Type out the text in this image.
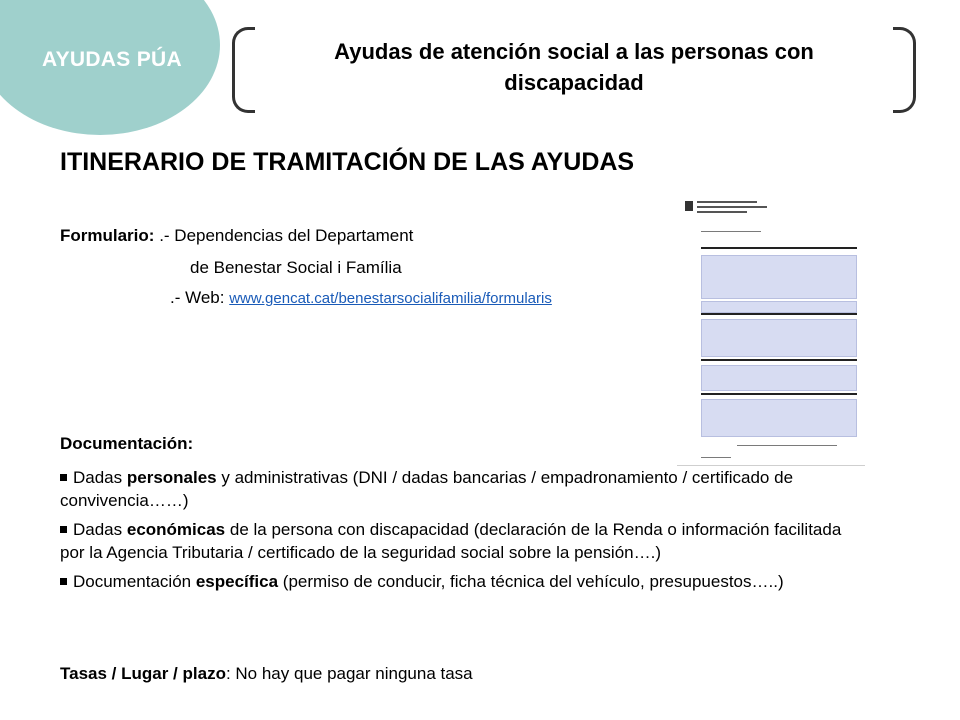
AYUDAS PÚA	Ayudas de atención social a las personas con discapacidad
ITINERARIO DE TRAMITACIÓN DE LAS AYUDAS
Formulario: .- Dependencias del Departament
de Benestar Social i Família
.- Web: www.gencat.cat/benestarsocialifamilia/formularis
Documentación:
Dadas personales y administrativas (DNI / dadas bancarias / empadronamiento / certificado de convivencia……)
Dadas económicas de la persona con discapacidad (declaración de la Renda o información facilitada por la Agencia Tributaria / certificado de la seguridad social sobre la pensión….)
Documentación específica (permiso de conducir, ficha técnica del vehículo, presupuestos…..)
Tasas / Lugar / plazo: No hay que pagar ninguna tasa
